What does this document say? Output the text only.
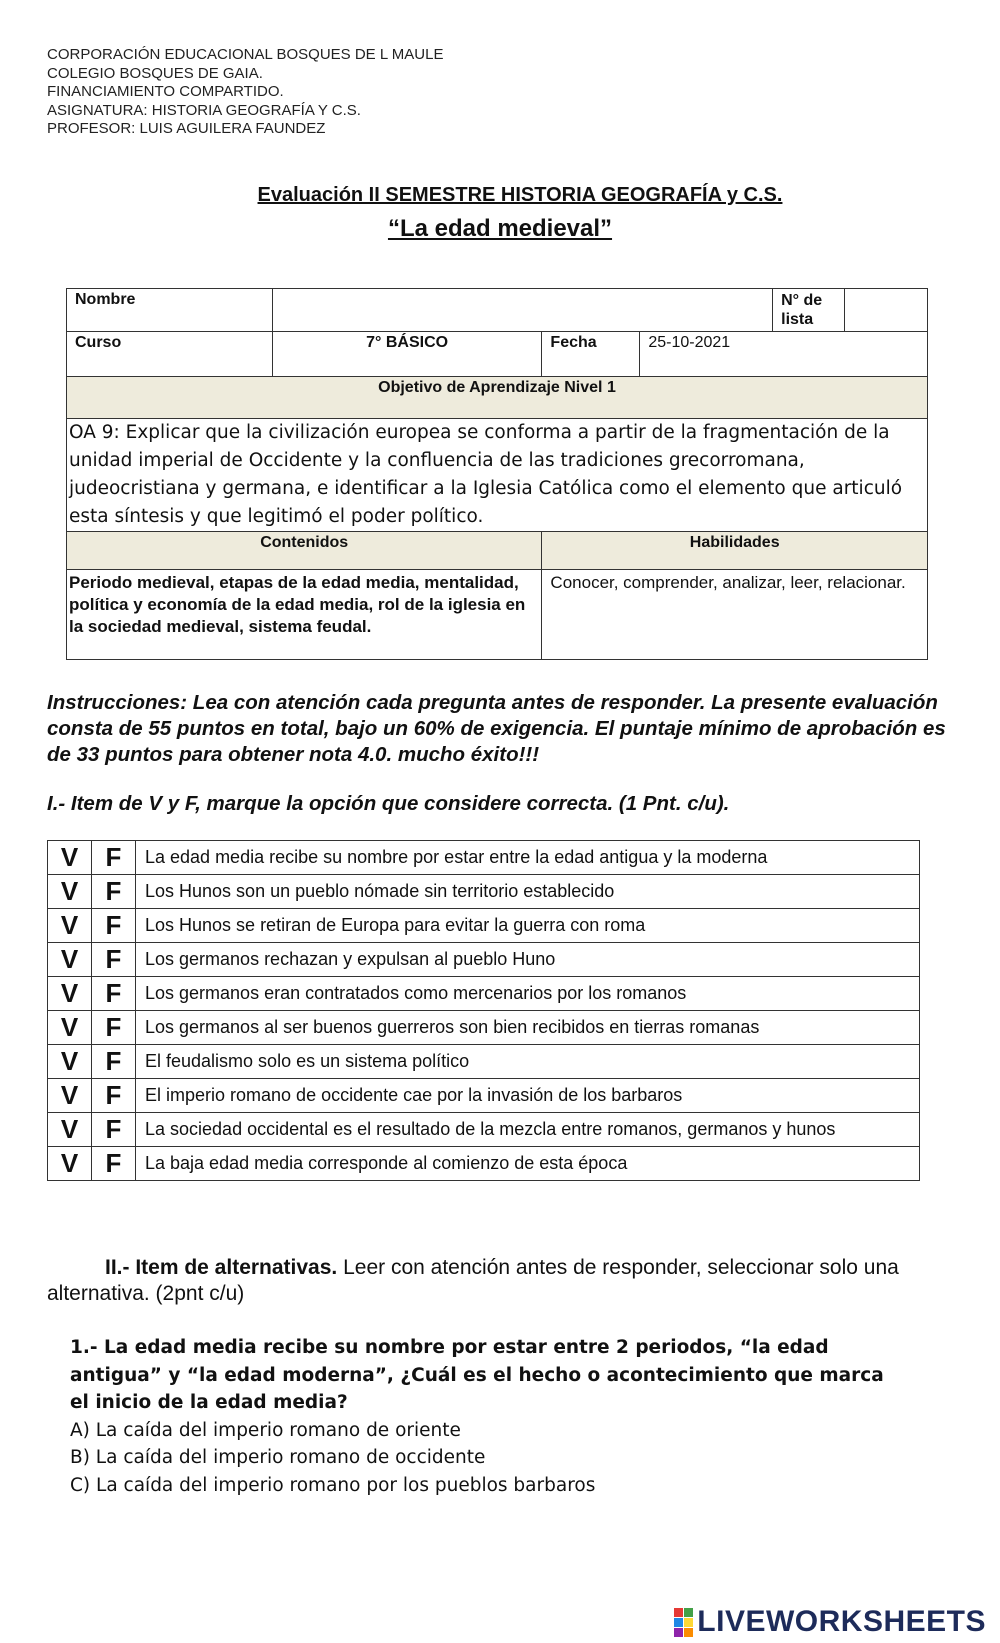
CORPORACIÓN EDUCACIONAL BOSQUES DE L MAULE
COLEGIO BOSQUES DE GAIA.
FINANCIAMIENTO COMPARTIDO.
ASIGNATURA: HISTORIA GEOGRAFÍA Y C.S.
PROFESOR: LUIS AGUILERA FAUNDEZ
Evaluación II SEMESTRE HISTORIA GEOGRAFÍA y C.S.
“La edad medieval”
Nombre				N° de lista	
Curso	7° BÁSICO	Fecha	25-10-2021		
Objetivo de Aprendizaje Nivel 1					
OA 9: Explicar que la civilización europea se conforma a partir de la fragmentación de la unidad imperial de Occidente y la confluencia de las tradiciones grecorromana, judeocristiana y germana, e identificar a la Iglesia Católica como el elemento que articuló esta síntesis y que legitimó el poder político.					
Contenidos		Habilidades			
Periodo medieval, etapas de la edad media, mentalidad, política y economía de la edad media, rol de la iglesia en la sociedad medieval, sistema feudal.		Conocer, comprender, analizar, leer, relacionar.			
Instrucciones: Lea con atención cada pregunta antes de responder. La presente evaluación consta de 55 puntos en total, bajo un 60% de exigencia. El puntaje mínimo de aprobación es de 33 puntos para obtener nota 4.0. mucho éxito!!!
I.- Item de V y F, marque la opción que considere correcta. (1 Pnt. c/u).
V	F	La edad media recibe su nombre por estar entre la edad antigua y la moderna
V	F	Los Hunos son un pueblo nómade sin territorio establecido
V	F	Los Hunos se retiran de Europa para evitar la guerra con roma
V	F	Los germanos rechazan y expulsan al pueblo Huno
V	F	Los germanos eran contratados como mercenarios por los romanos
V	F	Los germanos al ser buenos guerreros son bien recibidos en tierras romanas
V	F	El feudalismo solo es un sistema político
V	F	El imperio romano de occidente cae por la invasión de los barbaros
V	F	La sociedad occidental es el resultado de la mezcla entre romanos, germanos y hunos
V	F	La baja edad media corresponde al comienzo de esta época
II.- Item de alternativas. Leer con atención antes de responder, seleccionar solo una alternativa. (2pnt c/u)
1.- La edad media recibe su nombre por estar entre 2 periodos, “la edad antigua” y “la edad moderna”, ¿Cuál es el hecho o acontecimiento que marca el inicio de la edad media?
A) La caída del imperio romano de oriente
B) La caída del imperio romano de occidente
C) La caída del imperio romano por los pueblos barbaros
LIVEWORKSHEETS
